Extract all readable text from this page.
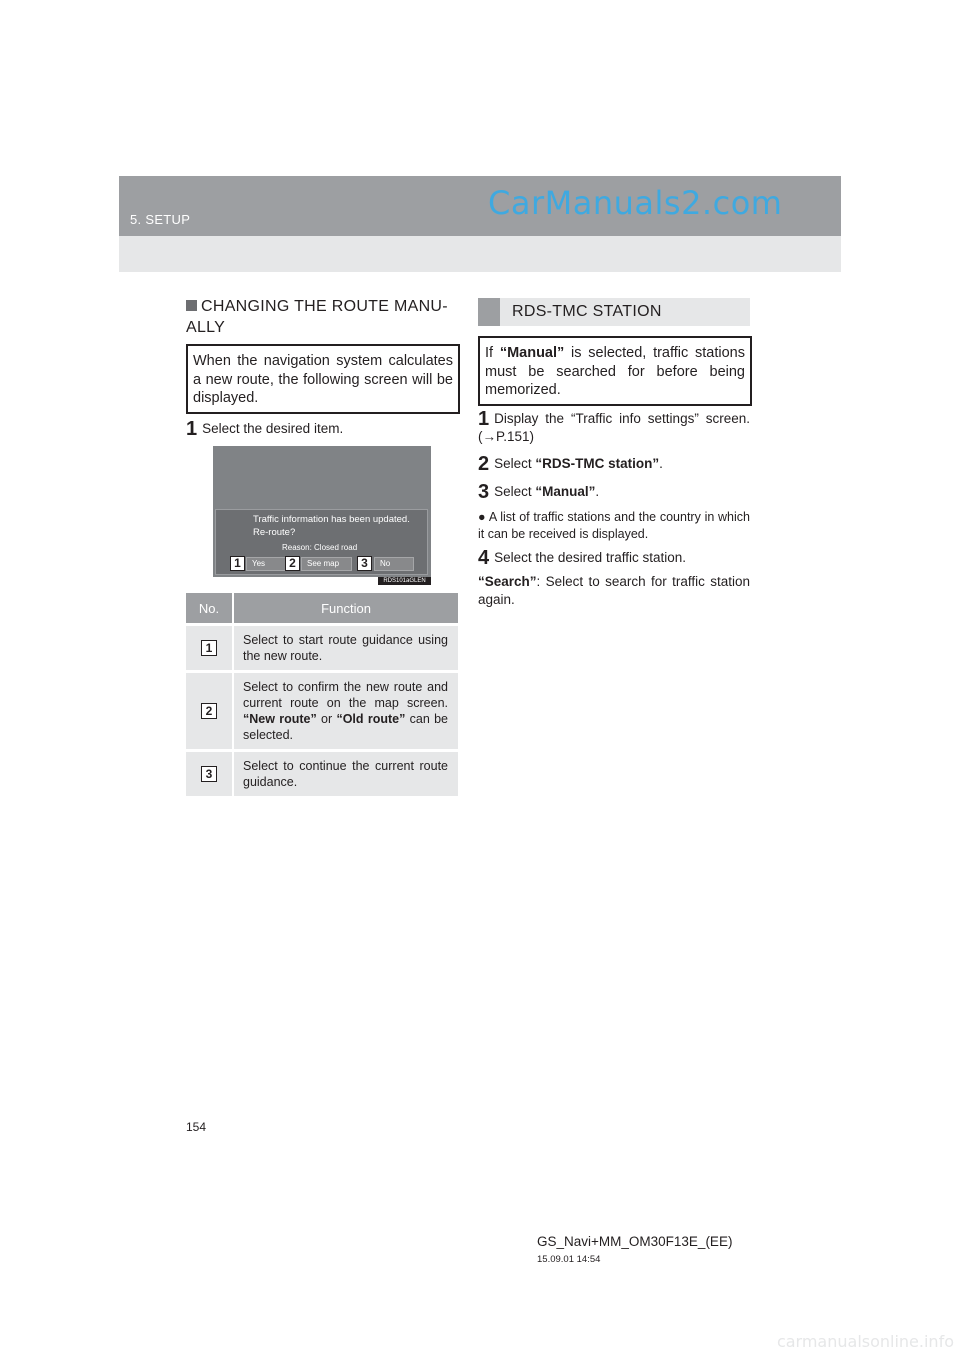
5. SETUP	CarManuals2.com
CHANGING THE ROUTE MANU-
ALLY
When the navigation system calculates a new route, the following screen will be displayed.
1 Select the desired item.
Traffic information has been updated.
Re-route?
Reason: Closed road
Yes	See map	No
1	2	3
RDS101aGLEN
No.	Function
1	Select to start route guidance using the new route.
2	Select to confirm the new route and current route on the map screen. “New route” or “Old route” can be selected.
3	Select to continue the current route guidance.
RDS-TMC STATION
If “Manual” is selected, traffic stations must be searched for before being memorized.
1 Display the “Traffic info settings” screen. (→P.151)
2 Select “RDS-TMC station”.
3 Select “Manual”.
● A list of traffic stations and the country in which it can be received is displayed.
4 Select the desired traffic station.
“Search”: Select to search for traffic station again.
154
GS_Navi+MM_OM30F13E_(EE)
15.09.01 14:54
carmanualsonline.info
